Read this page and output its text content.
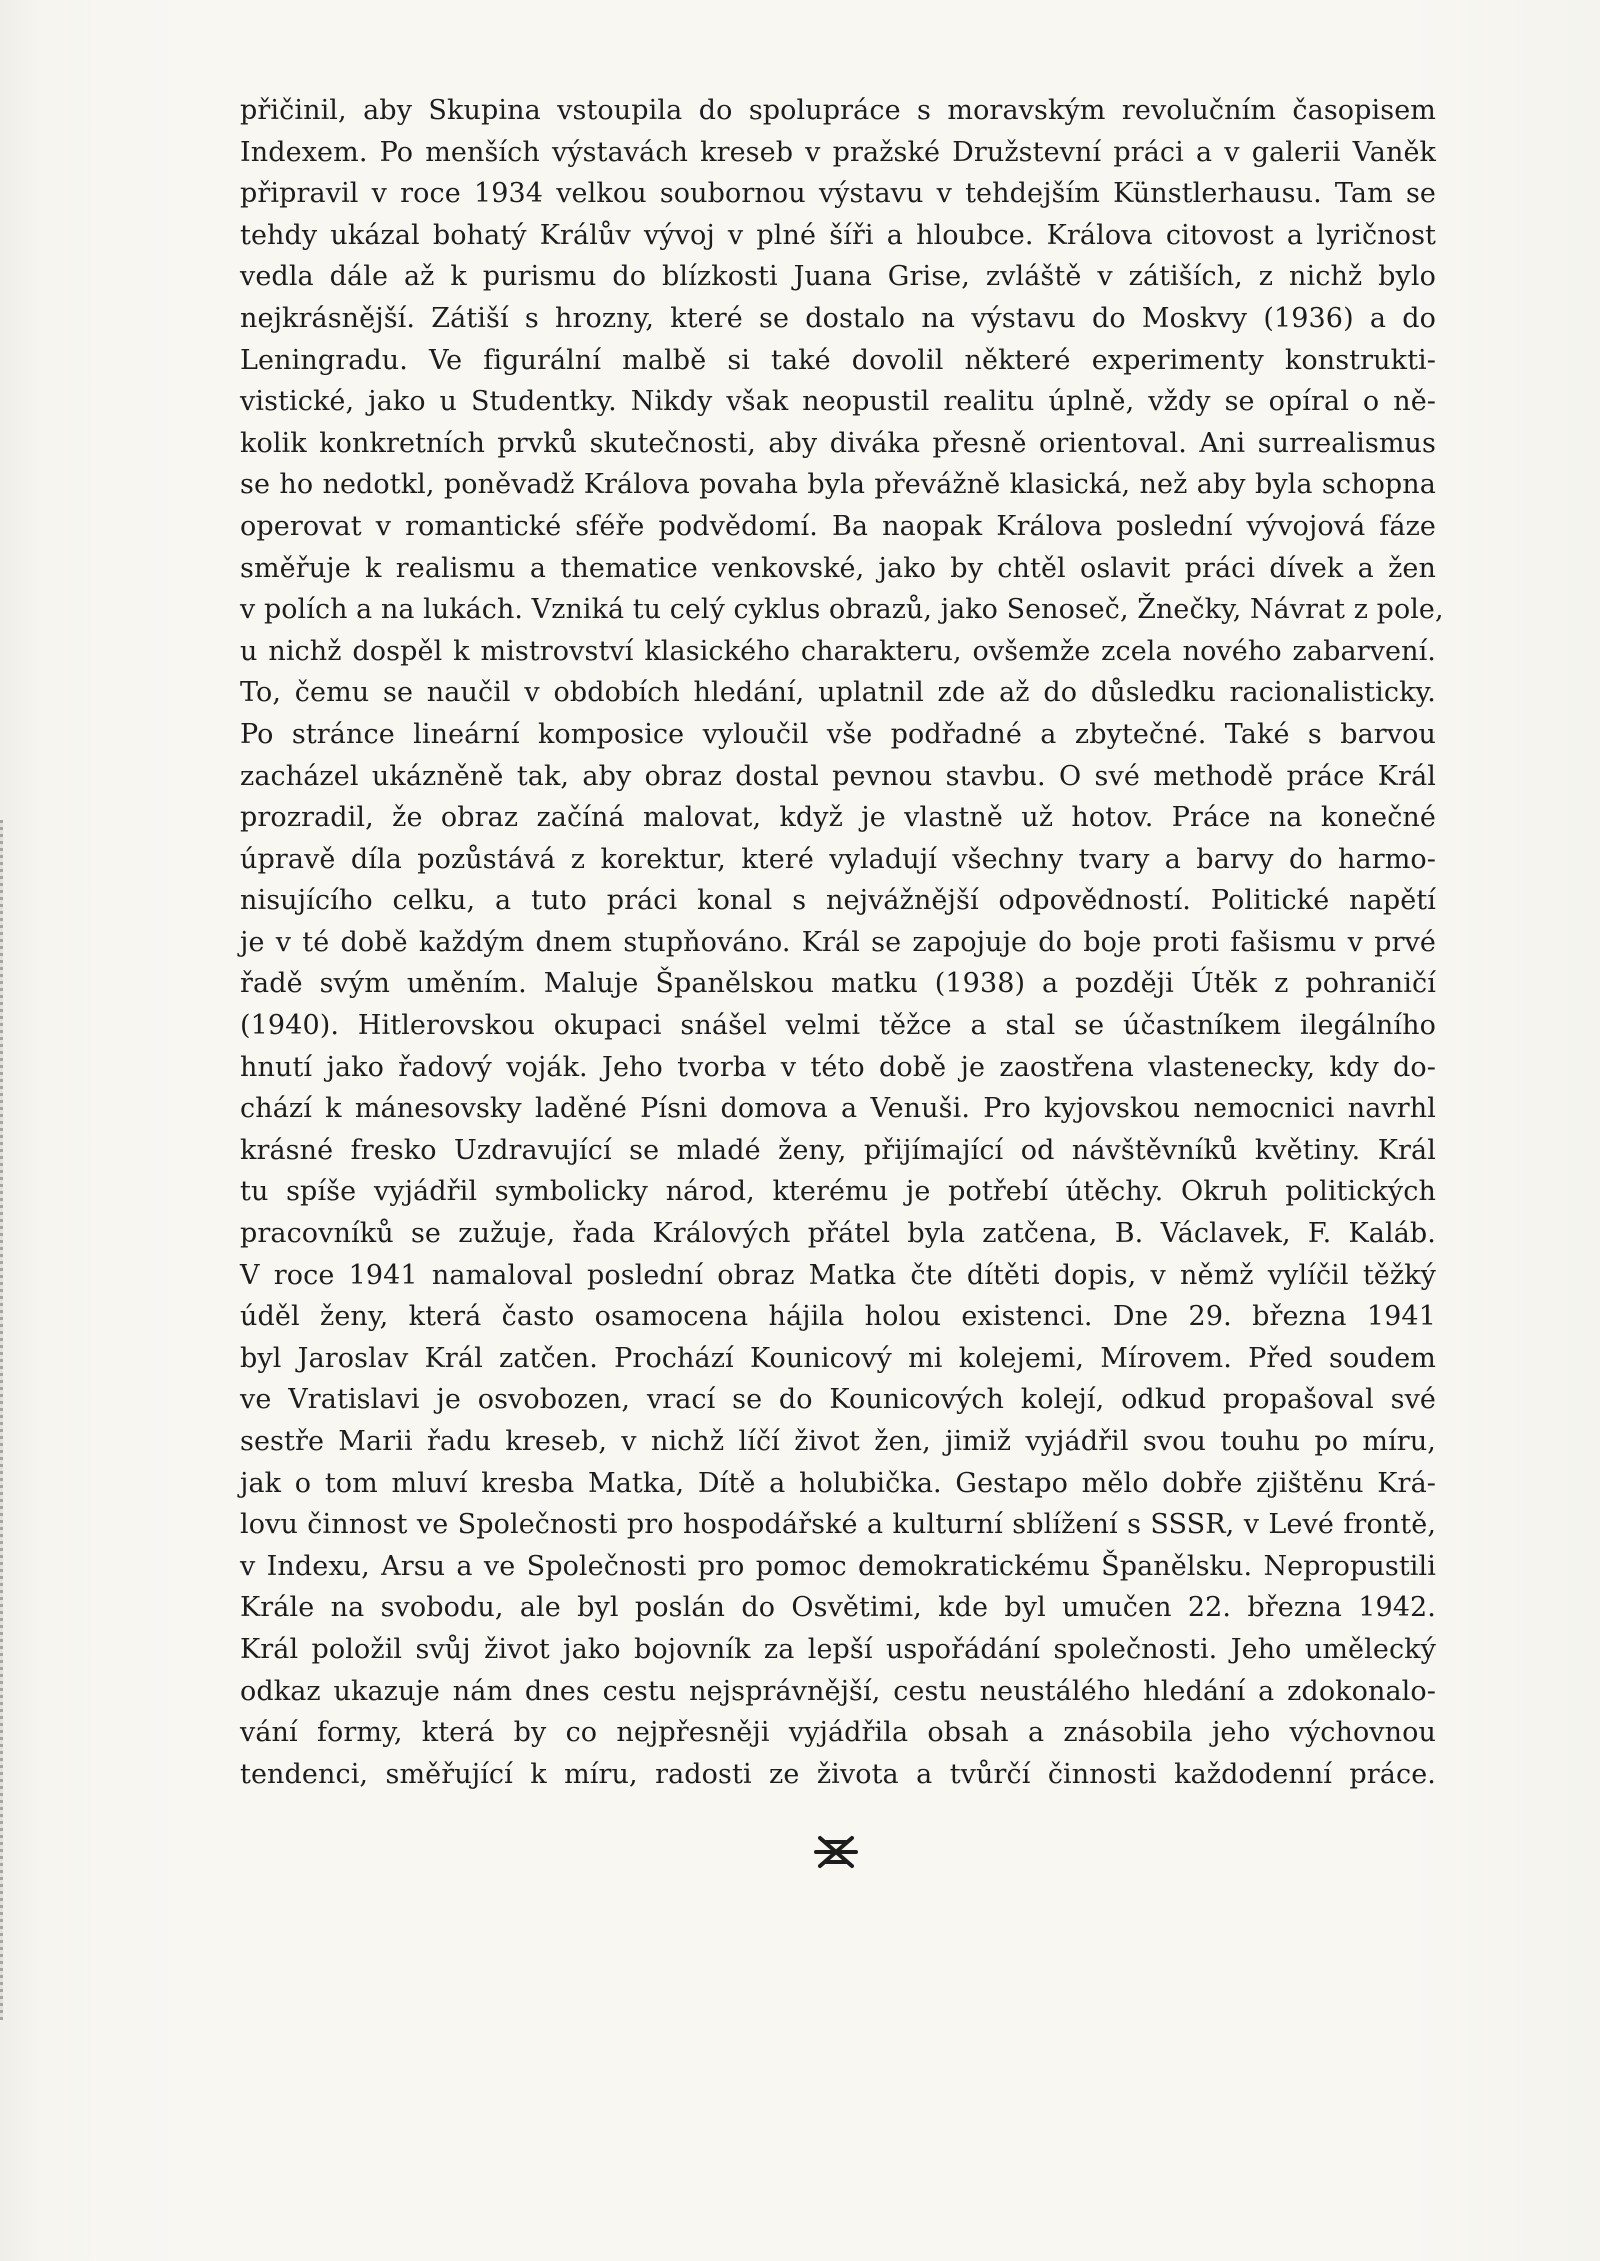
přičinil, aby Skupina vstoupila do spolupráce s moravským revolučním časopisem
Indexem. Po menších výstavách kreseb v pražské Družstevní práci a v galerii Vaněk
připravil v roce 1934 velkou soubornou výstavu v tehdejším Künstlerhausu. Tam se
tehdy ukázal bohatý Králův vývoj v plné šíři a hloubce. Králova citovost a lyričnost
vedla dále až k purismu do blízkosti Juana Grise, zvláště v zátiších, z nichž bylo
nejkrásnější. Zátiší s hrozny, které se dostalo na výstavu do Moskvy (1936) a do
Leningradu. Ve figurální malbě si také dovolil některé experimenty konstrukti-
vistické, jako u Studentky. Nikdy však neopustil realitu úplně, vždy se opíral o ně-
kolik konkretních prvků skutečnosti, aby diváka přesně orientoval. Ani surrealismus
se ho nedotkl, poněvadž Králova povaha byla převážně klasická, než aby byla schopna
operovat v romantické sféře podvědomí. Ba naopak Králova poslední vývojová fáze
směřuje k realismu a thematice venkovské, jako by chtěl oslavit práci dívek a žen
v polích a na lukách. Vzniká tu celý cyklus obrazů, jako Senoseč, Žnečky, Návrat z pole,
u nichž dospěl k mistrovství klasického charakteru, ovšemže zcela nového zabarvení.
To, čemu se naučil v obdobích hledání, uplatnil zde až do důsledku racionalisticky.
Po stránce lineární komposice vyloučil vše podřadné a zbytečné. Také s barvou
zacházel ukázněně tak, aby obraz dostal pevnou stavbu. O své methodě práce Král
prozradil, že obraz začíná malovat, když je vlastně už hotov. Práce na konečné
úpravě díla pozůstává z korektur, které vyladují všechny tvary a barvy do harmo-
nisujícího celku, a tuto práci konal s nejvážnější odpovědností. Politické napětí
je v té době každým dnem stupňováno. Král se zapojuje do boje proti fašismu v prvé
řadě svým uměním. Maluje Španělskou matku (1938) a později Útěk z pohraničí
(1940). Hitlerovskou okupaci snášel velmi těžce a stal se účastníkem ilegálního
hnutí jako řadový voják. Jeho tvorba v této době je zaostřena vlastenecky, kdy do-
chází k mánesovsky laděné Písni domova a Venuši. Pro kyjovskou nemocnici navrhl
krásné fresko Uzdravující se mladé ženy, přijímající od návštěvníků květiny. Král
tu spíše vyjádřil symbolicky národ, kterému je potřebí útěchy. Okruh politických
pracovníků se zužuje, řada Králových přátel byla zatčena, B. Václavek, F. Kaláb.
V roce 1941 namaloval poslední obraz Matka čte dítěti dopis, v němž vylíčil těžký
úděl ženy, která často osamocena hájila holou existenci. Dne 29. března 1941
byl Jaroslav Král zatčen. Prochází Kounicový mi kolejemi, Mírovem. Před soudem
ve Vratislavi je osvobozen, vrací se do Kounicových kolejí, odkud propašoval své
sestře Marii řadu kreseb, v nichž líčí život žen, jimiž vyjádřil svou touhu po míru,
jak o tom mluví kresba Matka, Dítě a holubička. Gestapo mělo dobře zjištěnu Krá-
lovu činnost ve Společnosti pro hospodářské a kulturní sblížení s SSSR, v Levé frontě,
v Indexu, Arsu a ve Společnosti pro pomoc demokratickému Španělsku. Nepropustili
Krále na svobodu, ale byl poslán do Osvětimi, kde byl umučen 22. března 1942.
Král položil svůj život jako bojovník za lepší uspořádání společnosti. Jeho umělecký
odkaz ukazuje nám dnes cestu nejsprávnější, cestu neustálého hledání a zdokonalo-
vání formy, která by co nejpřesněji vyjádřila obsah a znásobila jeho výchovnou
tendenci, směřující k míru, radosti ze života a tvůrčí činnosti každodenní práce.
